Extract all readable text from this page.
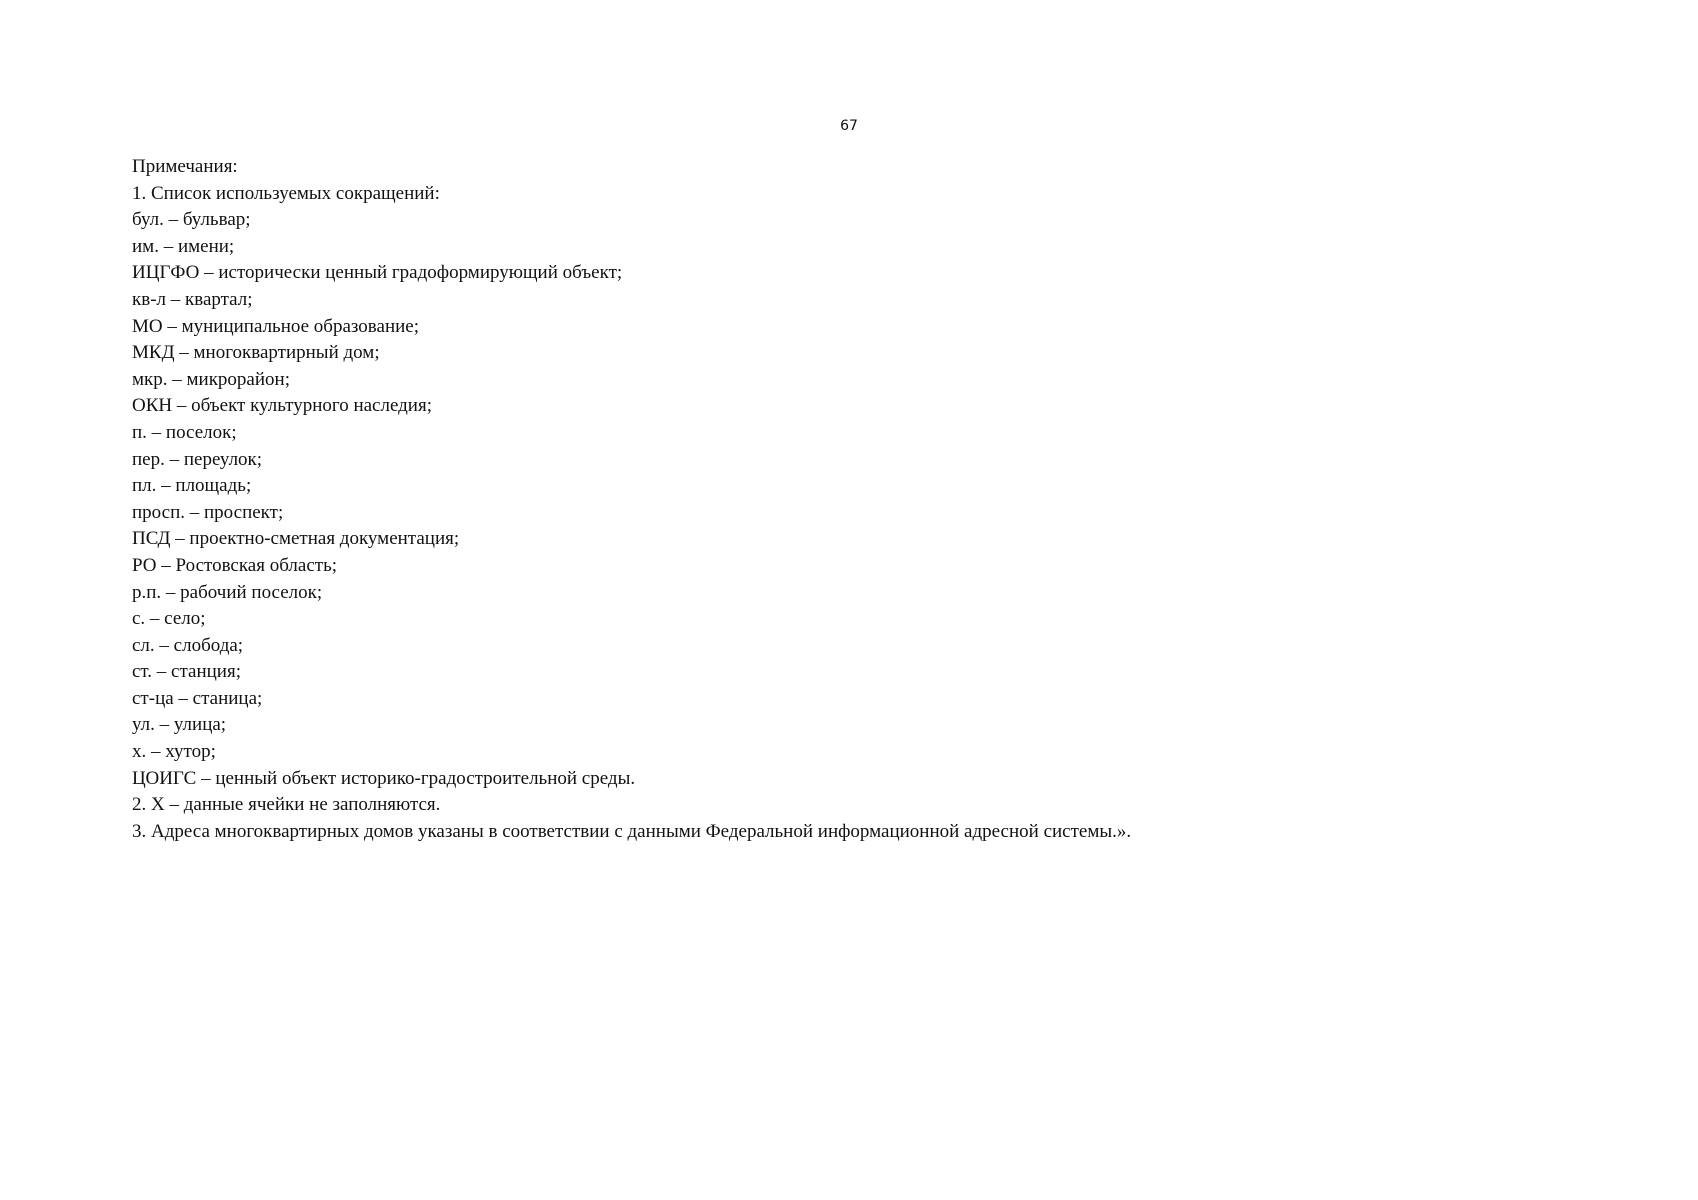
67
Примечания:
1. Список используемых сокращений:
бул. – бульвар;
им. – имени;
ИЦГФО – исторически ценный градоформирующий объект;
кв-л – квартал;
МО – муниципальное образование;
МКД – многоквартирный дом;
мкр. – микрорайон;
ОКН – объект культурного наследия;
п. – поселок;
пер. – переулок;
пл. – площадь;
просп. – проспект;
ПСД – проектно-сметная документация;
РО – Ростовская область;
р.п. – рабочий поселок;
с. – село;
сл. – слобода;
ст. – станция;
ст-ца – станица;
ул. – улица;
х. – хутор;
ЦОИГС – ценный объект историко-градостроительной среды.
2. Х – данные ячейки не заполняются.
3. Адреса многоквартирных домов указаны в соответствии с данными Федеральной информационной адресной системы.».
